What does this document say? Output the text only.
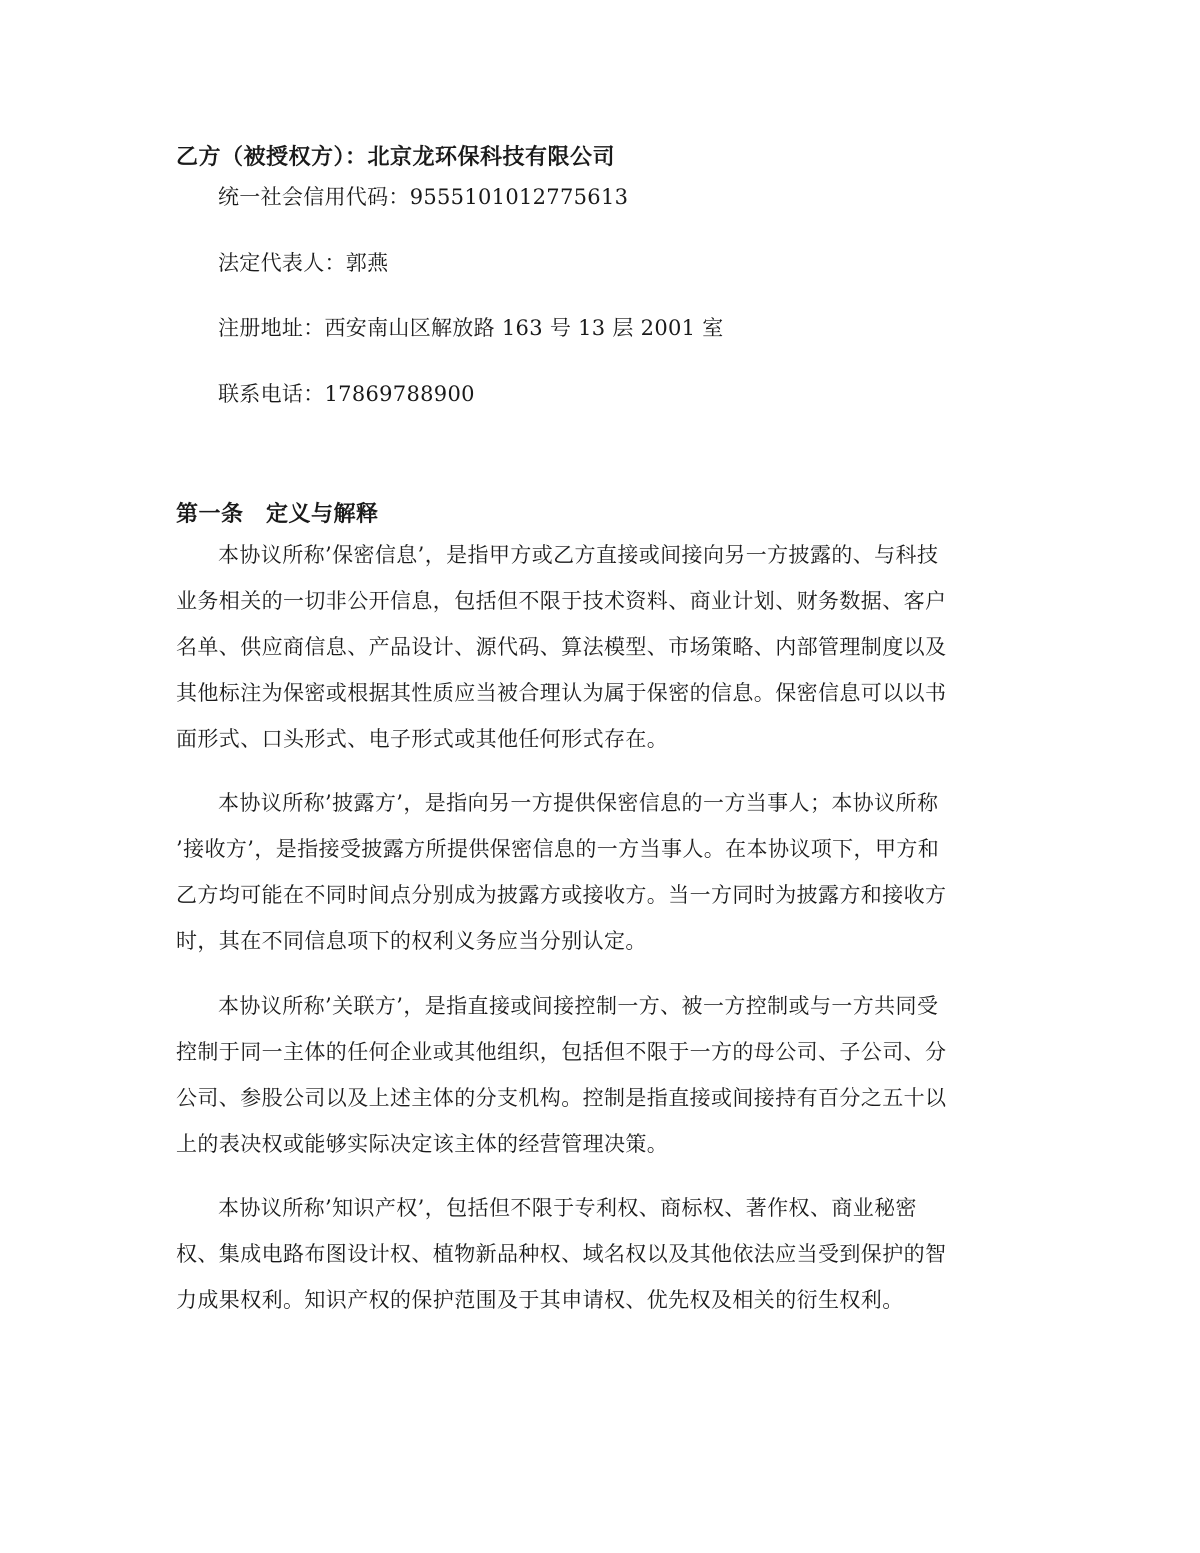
乙方（被授权方）：北京龙环保科技有限公司
统一社会信用代码：9555101012775613
法定代表人：郭燕
注册地址：西安南山区解放路 163 号 13 层 2001 室
联系电话：17869788900
第一条　定义与解释
本协议所称’保密信息’，是指甲方或乙方直接或间接向另一方披露的、与科技
业务相关的一切非公开信息，包括但不限于技术资料、商业计划、财务数据、客户
名单、供应商信息、产品设计、源代码、算法模型、市场策略、内部管理制度以及
其他标注为保密或根据其性质应当被合理认为属于保密的信息。保密信息可以以书
面形式、口头形式、电子形式或其他任何形式存在。
本协议所称’披露方’，是指向另一方提供保密信息的一方当事人；本协议所称
’接收方’，是指接受披露方所提供保密信息的一方当事人。在本协议项下，甲方和
乙方均可能在不同时间点分别成为披露方或接收方。当一方同时为披露方和接收方
时，其在不同信息项下的权利义务应当分别认定。
本协议所称’关联方’，是指直接或间接控制一方、被一方控制或与一方共同受
控制于同一主体的任何企业或其他组织，包括但不限于一方的母公司、子公司、分
公司、参股公司以及上述主体的分支机构。控制是指直接或间接持有百分之五十以
上的表决权或能够实际决定该主体的经营管理决策。
本协议所称’知识产权’，包括但不限于专利权、商标权、著作权、商业秘密
权、集成电路布图设计权、植物新品种权、域名权以及其他依法应当受到保护的智
力成果权利。知识产权的保护范围及于其申请权、优先权及相关的衍生权利。
